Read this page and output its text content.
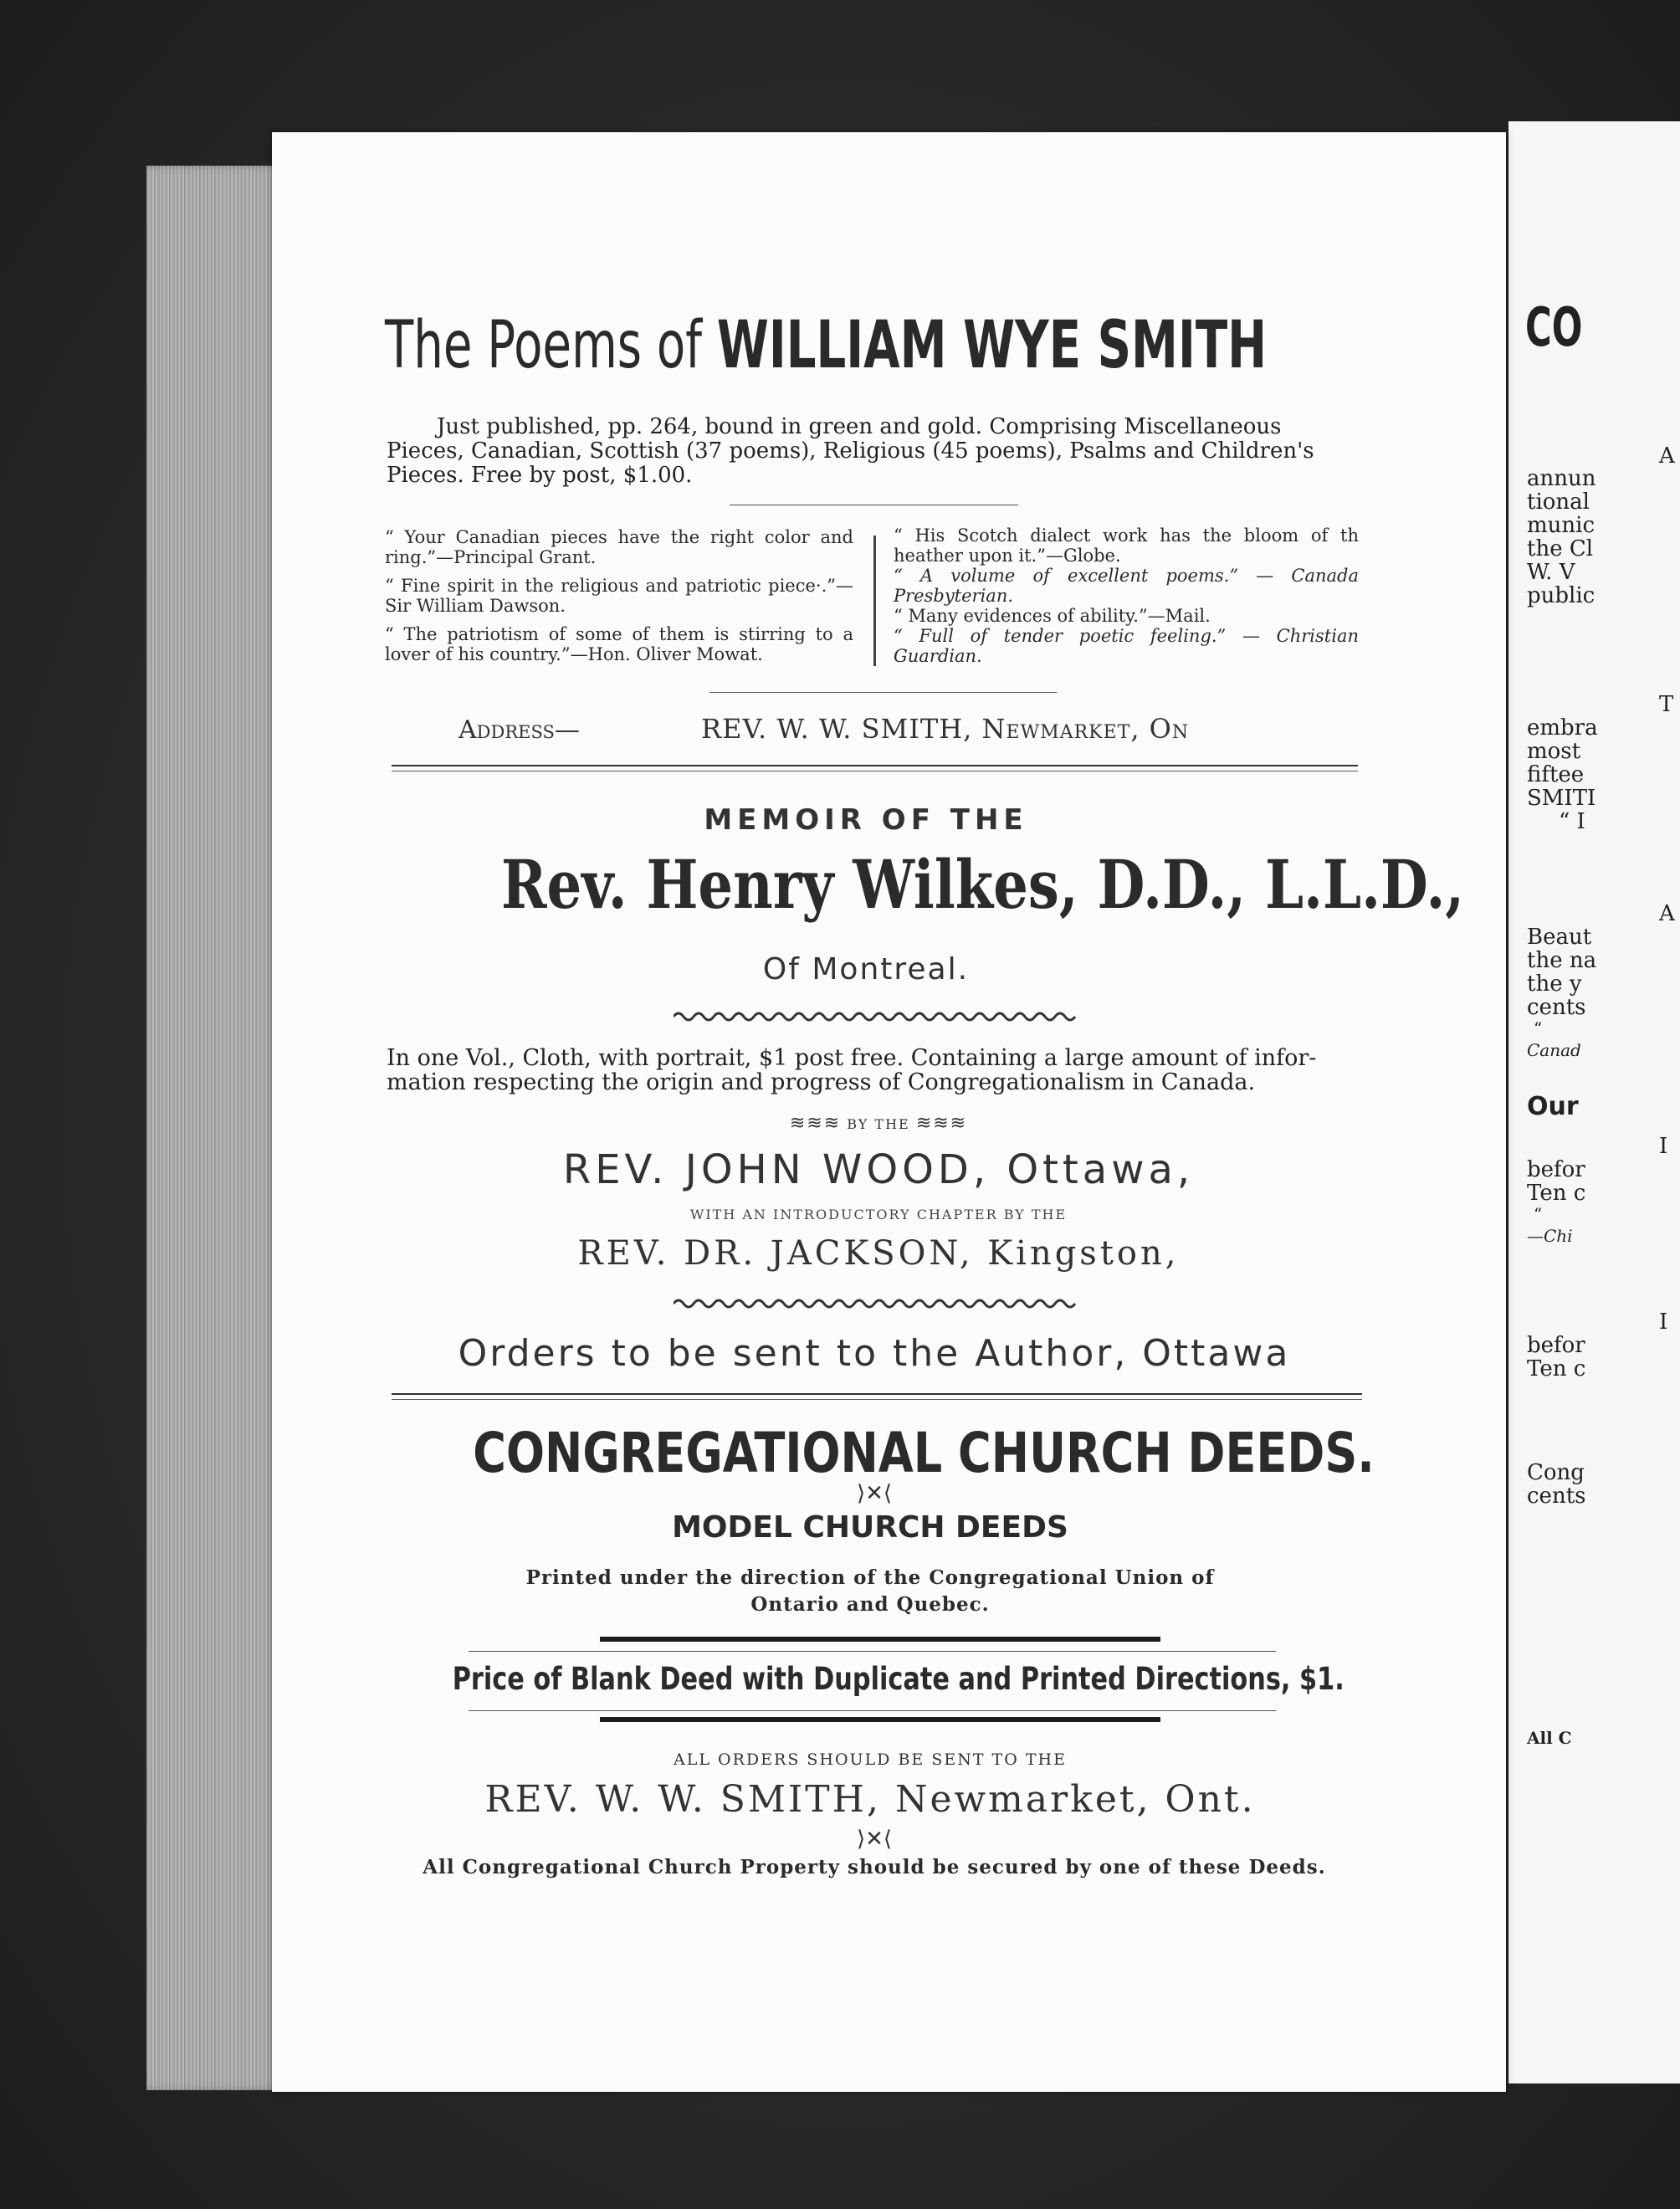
CO
A
annun
tional
munic
the Cl
W. V
public
T
embra
most
fiftee
SMITI
“ I
A
Beaut
the na
the y
cents
“
Canad
Our
I
befor
Ten c
“
—Chi
I
befor
Ten c
Cong
cents
All C
The Poems of WILLIAM WYE SMITH
Just published, pp. 264, bound in green and gold. Comprising Miscellaneous
Pieces, Canadian, Scottish (37 poems), Religious (45 poems), Psalms and Children's
Pieces. Free by post, $1.00.
“ Your Canadian pieces have the right color and ring.”—Principal Grant.
“ Fine spirit in the religious and patriotic piece·.”—Sir William Dawson.
“ The patriotism of some of them is stirring to a lover of his country.”—Hon. Oliver Mowat.
“ His Scotch dialect work has the bloom of th heather upon it.”—Globe.
“ A volume of excellent poems.” — Canada Presbyterian.
“ Many evidences of ability.”—Mail.
“ Full of tender poetic feeling.” — Christian Guardian.
Address—	REV. W. W. SMITH, Newmarket, On
MEMOIR OF THE
Rev. Henry Wilkes, D.D., L.L.D.,
Of Montreal.
In one Vol., Cloth, with portrait, $1 post free. Containing a large amount of infor-
mation respecting the origin and progress of Congregationalism in Canada.
≋≋≋ BY THE ≋≋≋
REV. JOHN WOOD, Ottawa,
WITH AN INTRODUCTORY CHAPTER BY THE
REV. DR. JACKSON, Kingston,
Orders to be sent to the Author, Ottawa
CONGREGATIONAL CHURCH DEEDS.
⟩✕⟨
MODEL CHURCH DEEDS
Printed under the direction of the Congregational Union of
Ontario and Quebec.
Price of Blank Deed with Duplicate and Printed Directions, $1.
ALL ORDERS SHOULD BE SENT TO THE
REV. W. W. SMITH, Newmarket, Ont.
⟩✕⟨
All Congregational Church Property should be secured by one of these Deeds.
